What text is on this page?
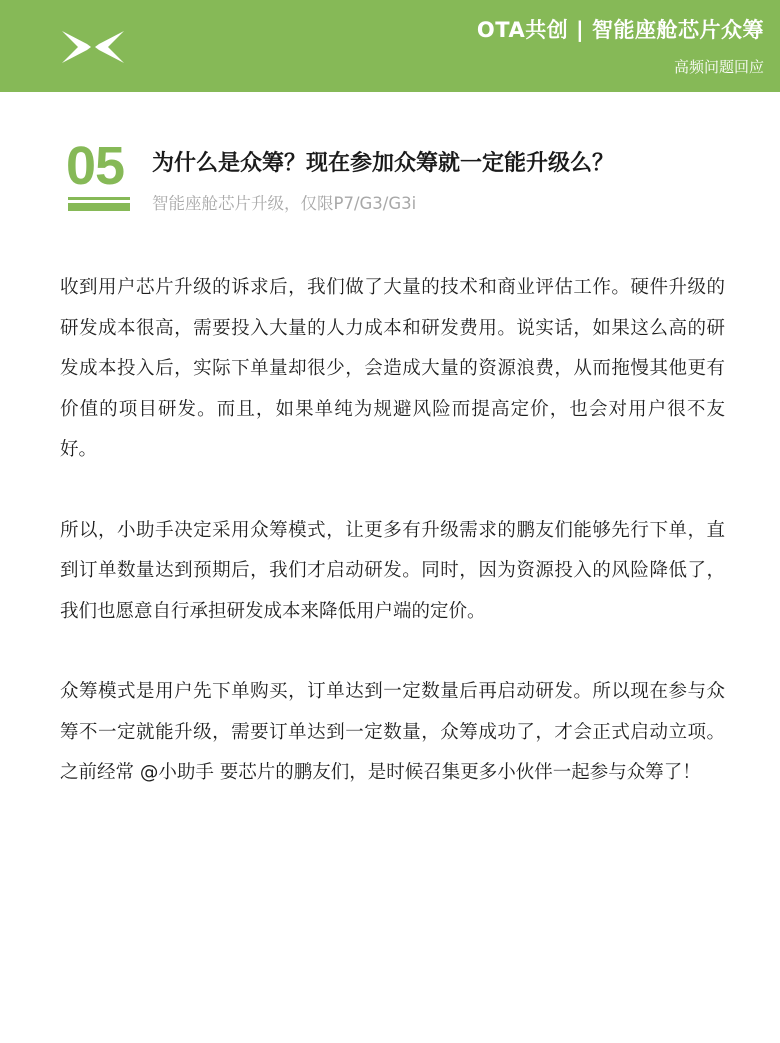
OTA共创 | 智能座舱芯片众筹
高频问题回应
05 为什么是众筹？现在参加众筹就一定能升级么？
智能座舱芯片升级，仅限P7/G3/G3i

收到用户芯片升级的诉求后，我们做了大量的技术和商业评估工作。硬件升级的研发成本很高，需要投入大量的人力成本和研发费用。说实话，如果这么高的研发成本投入后，实际下单量却很少，会造成大量的资源浪费，从而拖慢其他更有价值的项目研发。而且，如果单纯为规避风险而提高定价，也会对用户很不友好。

所以，小助手决定采用众筹模式，让更多有升级需求的鹏友们能够先行下单，直到订单数量达到预期后，我们才启动研发。同时，因为资源投入的风险降低了，我们也愿意自行承担研发成本来降低用户端的定价。

众筹模式是用户先下单购买，订单达到一定数量后再启动研发。所以现在参与众筹不一定就能升级，需要订单达到一定数量，众筹成功了，才会正式启动立项。之前经常 @小助手 要芯片的鹏友们，是时候召集更多小伙伴一起参与众筹了！
